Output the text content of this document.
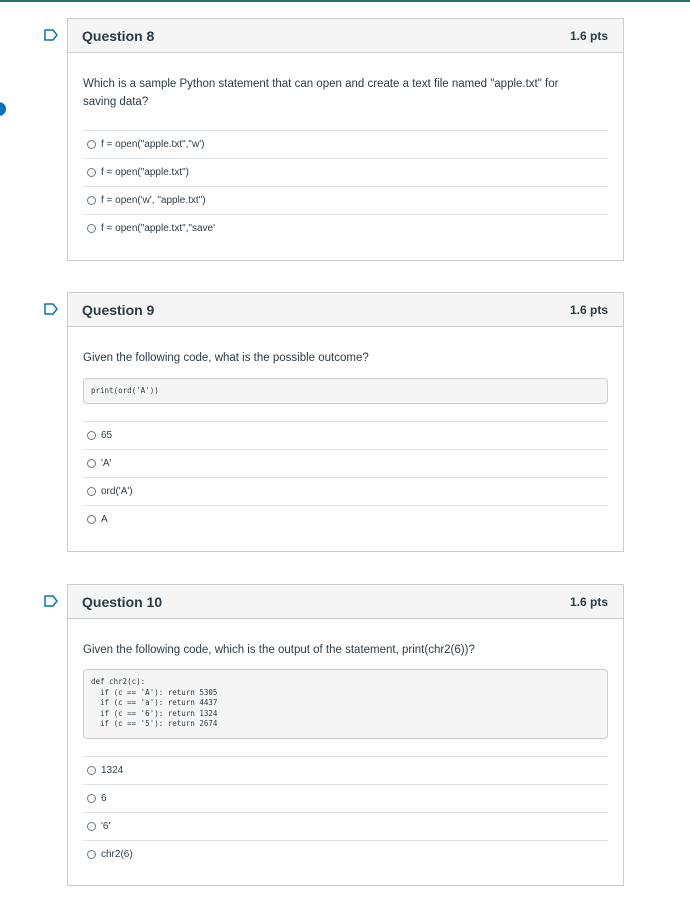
Question 8	1.6 pts
Which is a sample Python statement that can open and create a text file named "apple.txt" for saving data?
f = open("apple.txt","w')
f = open("apple.txt")
f = open('w', "apple.txt")
f = open("apple.txt","save'
Question 9	1.6 pts
Given the following code, what is the possible outcome?
print(ord('A'))
65
'A'
ord('A')
A
Question 10	1.6 pts
Given the following code, which is the output of the statement, print(chr2(6))?
def chr2(c):
if (c == 'A'): return 5305
if (c == 'a'): return 4437
if (c == '6'): return 1324
if (c == '5'): return 2674
1324
6
'6'
chr2(6)
